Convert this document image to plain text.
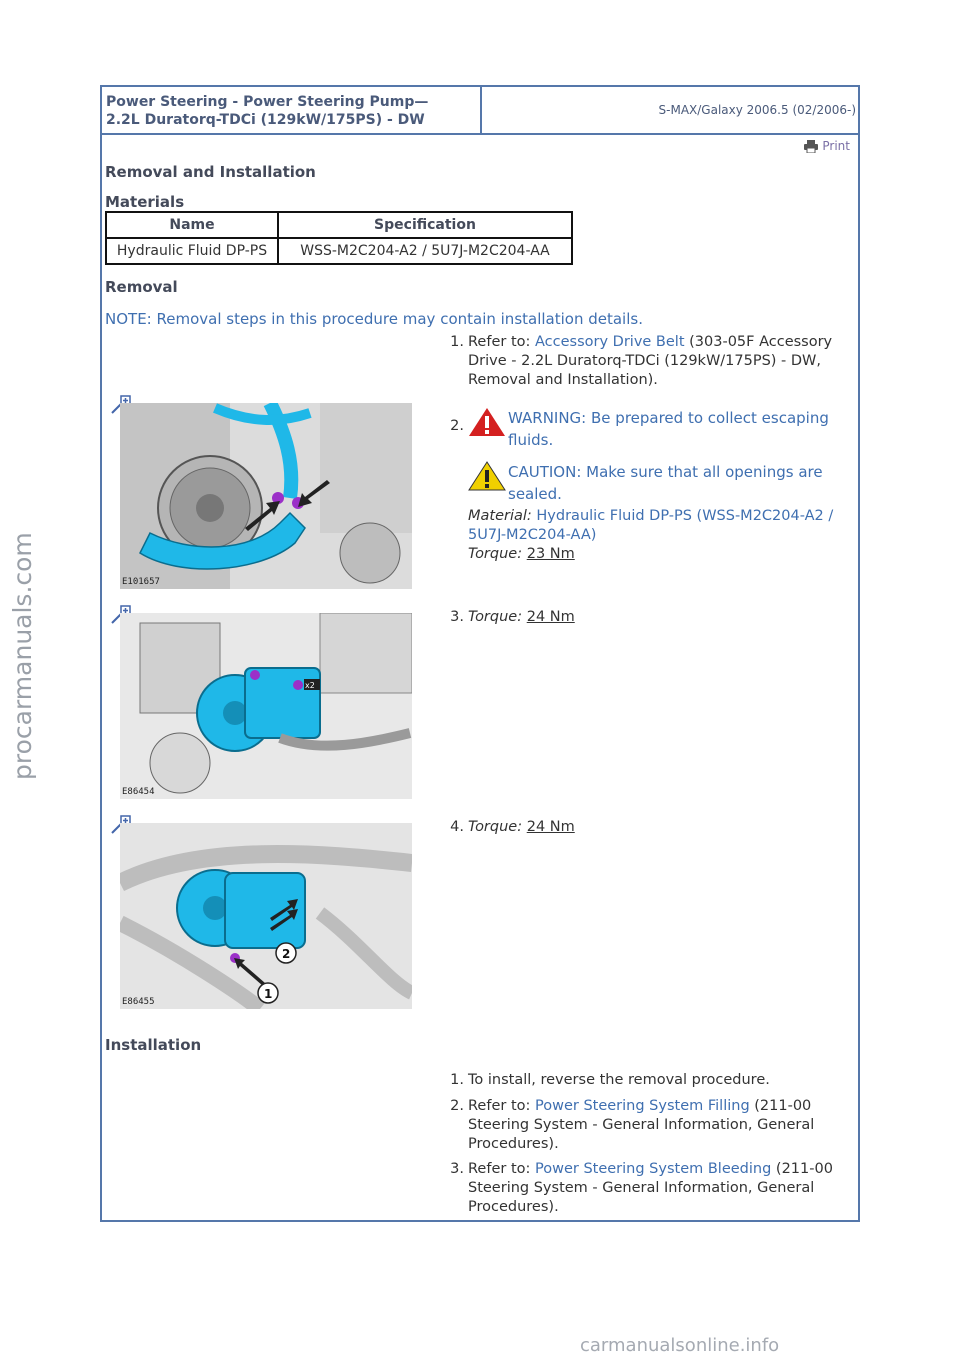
Power Steering - Power Steering Pump—
2.2L Duratorq-TDCi (129kW/175PS) - DW
S-MAX/Galaxy 2006.5 (02/2006-)
Print
Removal and Installation
Materials
Name	Specification
Hydraulic Fluid DP-PS	WSS-M2C204-A2 / 5U7J-M2C204-AA
Removal
NOTE: Removal steps in this procedure may contain installation details.
1. Refer to: Accessory Drive Belt (303-05F Accessory Drive - 2.2L Duratorq-TDCi (129kW/175PS) - DW, Removal and Installation).
E101657
2.	WARNING: Be prepared to collect escaping fluids.
CAUTION: Make sure that all openings are sealed.
Material: Hydraulic Fluid DP-PS (WSS-M2C204-A2 / 5U7J-M2C204-AA)
Torque: 23 Nm
x2
E86454
3. Torque: 24 Nm
2
1
E86455
4. Torque: 24 Nm
Installation
1. To install, reverse the removal procedure.
2. Refer to: Power Steering System Filling (211-00 Steering System - General Information, General Procedures).
3. Refer to: Power Steering System Bleeding (211-00 Steering System - General Information, General Procedures).
procarmanuals.com
carmanualsonline.info
